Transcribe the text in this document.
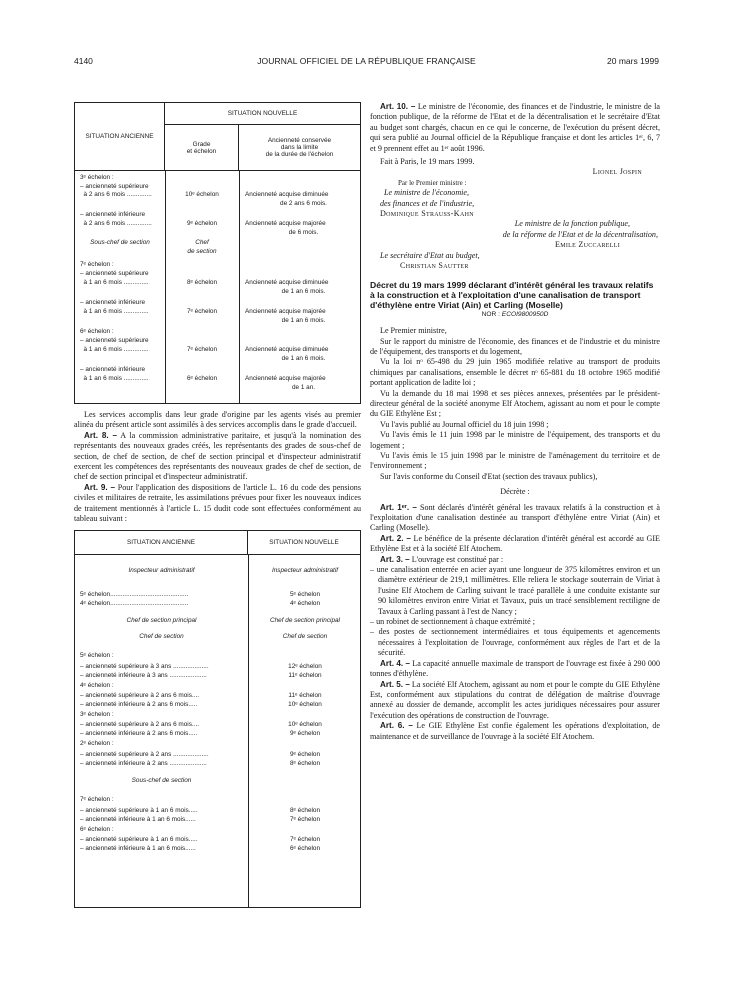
4140	JOURNAL OFFICIEL DE LA RÉPUBLIQUE FRANÇAISE	20 mars 1999
SITUATION ANCIENNE
SITUATION NOUVELLE
Grade
et échelon
Ancienneté conservée
dans la limite
de la durée de l'échelon
3ᵉ échelon :
– ancienneté supérieure
à 2 ans 6 mois ..............	10ᵉ échelon	Ancienneté acquise diminuée
de 2 ans 6 mois.
– ancienneté inférieure
à 2 ans 6 mois ..............	9ᵉ échelon	Ancienneté acquise majorée
de 6 mois.
Sous-chef de section	Chef
de section
7ᵉ échelon :
– ancienneté supérieure
à 1 an 6 mois ..............	8ᵉ échelon	Ancienneté acquise diminuée
de 1 an 6 mois.
– ancienneté inférieure
à 1 an 6 mois ..............	7ᵉ échelon	Ancienneté acquise majorée
de 1 an 6 mois.
6ᵉ échelon :
– ancienneté supérieure
à 1 an 6 mois ..............	7ᵉ échelon	Ancienneté acquise diminuée
de 1 an 6 mois.
– ancienneté inférieure
à 1 an 6 mois ..............	6ᵉ échelon	Ancienneté acquise majorée
de 1 an.

Les services accomplis dans leur grade d'origine par les agents visés au premier alinéa du présent article sont assimilés à des services accomplis dans le grade d'accueil.

Art. 8. – A la commission administrative paritaire, et jusqu'à la nomination des représentants des nouveaux grades créés, les représentants des grades de sous-chef de section, de chef de section, de chef de section principal et d'inspecteur administratif exercent les compétences des représentants des nouveaux grades de chef de section, de chef de section principal et d'inspecteur administratif.

Art. 9. – Pour l'application des dispositions de l'article L. 16 du code des pensions civiles et militaires de retraite, les assimilations prévues pour fixer les nouveaux indices de traitement mentionnés à l'article L. 15 dudit code sont effectuées conformément au tableau suivant :

SITUATION ANCIENNE	SITUATION NOUVELLE
Inspecteur administratif	Inspecteur administratif
5ᵉ échelon............................................	5ᵉ échelon
4ᵉ échelon............................................	4ᵉ échelon
Chef de section principal	Chef de section principal
Chef de section	Chef de section
5ᵉ échelon :
– ancienneté supérieure à 3 ans ....................	12ᵉ échelon
– ancienneté inférieure à 3 ans .....................	11ᵉ échelon
4ᵉ échelon :
– ancienneté supérieure à 2 ans 6 mois....	11ᵉ échelon
– ancienneté inférieure à 2 ans 6 mois.....	10ᵉ échelon
3ᵉ échelon :
– ancienneté supérieure à 2 ans 6 mois....	10ᵉ échelon
– ancienneté inférieure à 2 ans 6 mois.....	9ᵉ échelon
2ᵉ échelon :
– ancienneté supérieure à 2 ans ....................	9ᵉ échelon
– ancienneté inférieure à 2 ans .....................	8ᵉ échelon
Sous-chef de section
7ᵉ échelon :
– ancienneté supérieure à 1 an 6 mois.....	8ᵉ échelon
– ancienneté inférieure à 1 an 6 mois......	7ᵉ échelon
6ᵉ échelon :
– ancienneté supérieure à 1 an 6 mois.....	7ᵉ échelon
– ancienneté inférieure à 1 an 6 mois......	6ᵉ échelon

Art. 10. – Le ministre de l'économie, des finances et de l'industrie, le ministre de la fonction publique, de la réforme de l'Etat et de la décentralisation et le secrétaire d'Etat au budget sont chargés, chacun en ce qui le concerne, de l'exécution du présent décret, qui sera publié au Journal officiel de la République française et dont les articles 1ᵉʳ, 6, 7 et 9 prennent effet au 1ᵉʳ août 1996.

Fait à Paris, le 19 mars 1999.

Lionel Jospin
Par le Premier ministre :
Le ministre de l'économie,
des finances et de l'industrie,
Dominique Strauss-Kahn
Le ministre de la fonction publique,
de la réforme de l'Etat et de la décentralisation,
Emile Zuccarelli
Le secrétaire d'Etat au budget,
Christian Sautter
Décret du 19 mars 1999 déclarant d'intérêt général les travaux relatifs à la construction et à l'exploitation d'une canalisation de transport d'éthylène entre Viriat (Ain) et Carling (Moselle)
NOR : ECOI9800950D

Le Premier ministre,

Sur le rapport du ministre de l'économie, des finances et de l'industrie et du ministre de l'équipement, des transports et du logement,

Vu la loi nᵒ 65-498 du 29 juin 1965 modifiée relative au transport de produits chimiques par canalisations, ensemble le décret nᵒ 65-881 du 18 octobre 1965 modifié portant application de ladite loi ;

Vu la demande du 18 mai 1998 et ses pièces annexes, présentées par le président-directeur général de la société anonyme Elf Atochem, agissant au nom et pour le compte du GIE Ethylène Est ;

Vu l'avis publié au Journal officiel du 18 juin 1998 ;

Vu l'avis émis le 11 juin 1998 par le ministre de l'équipement, des transports et du logement ;

Vu l'avis émis le 15 juin 1998 par le ministre de l'aménagement du territoire et de l'environnement ;

Sur l'avis conforme du Conseil d'Etat (section des travaux publics),

Décrète :

Art. 1ᵉʳ. – Sont déclarés d'intérêt général les travaux relatifs à la construction et à l'exploitation d'une canalisation destinée au transport d'éthylène entre Viriat (Ain) et Carling (Moselle).

Art. 2. – Le bénéfice de la présente déclaration d'intérêt général est accordé au GIE Ethylène Est et à la société Elf Atochem.

Art. 3. – L'ouvrage est constitué par :

– une canalisation enterrée en acier ayant une longueur de 375 kilomètres environ et un diamètre extérieur de 219,1 millimètres. Elle reliera le stockage souterrain de Viriat à l'usine Elf Atochem de Carling suivant le tracé parallèle à une conduite existante sur 90 kilomètres environ entre Viriat et Tavaux, puis un tracé sensiblement rectiligne de Tavaux à Carling passant à l'est de Nancy ;
– un robinet de sectionnement à chaque extrémité ;
– des postes de sectionnement intermédiaires et tous équipements et agencements nécessaires à l'exploitation de l'ouvrage, conformément aux règles de l'art et de la sécurité.

Art. 4. – La capacité annuelle maximale de transport de l'ouvrage est fixée à 290 000 tonnes d'éthylène.

Art. 5. – La société Elf Atochem, agissant au nom et pour le compte du GIE Ethylène Est, conformément aux stipulations du contrat de délégation de maîtrise d'ouvrage annexé au dossier de demande, accomplit les actes juridiques nécessaires pour assurer l'exécution des opérations de construction de l'ouvrage.

Art. 6. – Le GIE Ethylène Est confie également les opérations d'exploitation, de maintenance et de surveillance de l'ouvrage à la société Elf Atochem.
